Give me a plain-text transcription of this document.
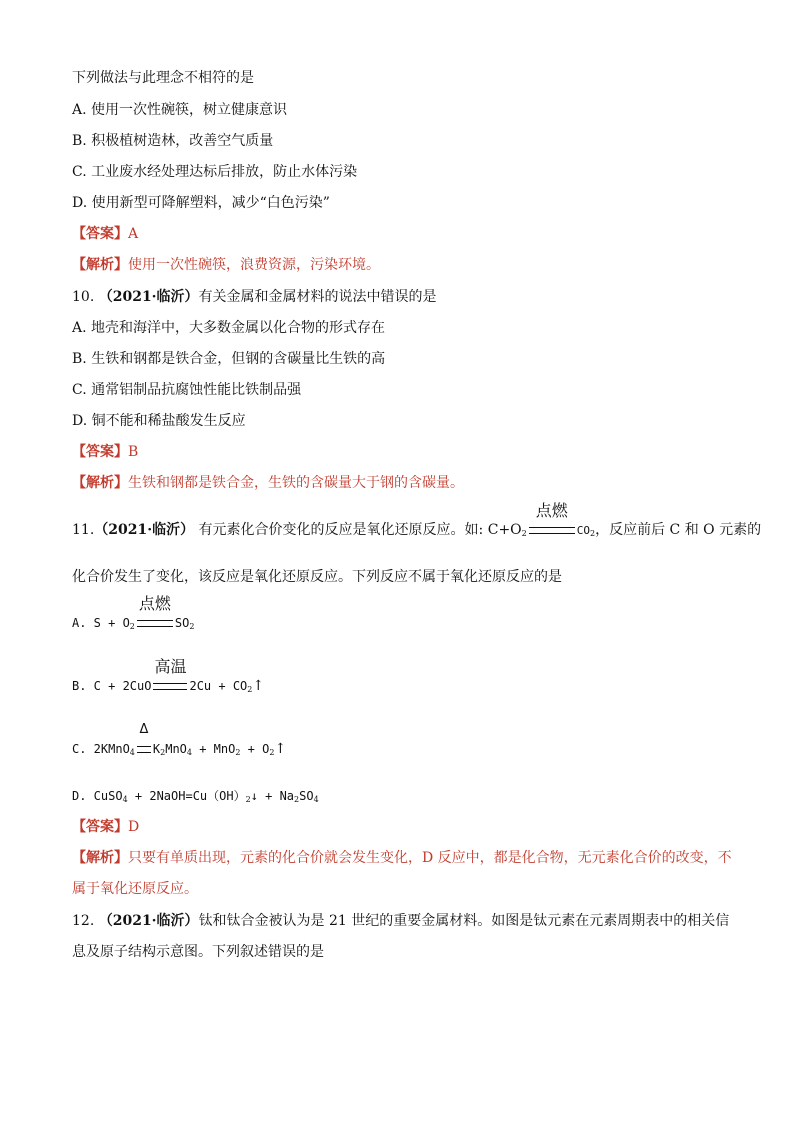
下列做法与此理念不相符的是
A. 使用一次性碗筷，树立健康意识
B. 积极植树造林，改善空气质量
C. 工业废水经处理达标后排放，防止水体污染
D. 使用新型可降解塑料，减少“白色污染”
【答案】A
【解析】使用一次性碗筷，浪费资源，污染环境。
10. （2021·临沂）有关金属和金属材料的说法中错误的是
A. 地壳和海洋中，大多数金属以化合物的形式存在
B. 生铁和钢都是铁合金，但钢的含碳量比生铁的高
C. 通常铝制品抗腐蚀性能比铁制品强
D. 铜不能和稀盐酸发生反应
【答案】B
【解析】生铁和钢都是铁合金，生铁的含碳量大于钢的含碳量。
11.（2021·临沂） 有元素化合价变化的反应是氧化还原反应。如: $C+O_2$
点燃
$CO_2$，反应前后 C 和 O 元素的
化合价发生了变化，该反应是氧化还原反应。下列反应不属于氧化还原反应的是
A. $S + O_2$
点燃
$SO_2$
B. C + 2CuO
高温
$2Cu + CO_2↑$
C. 2KMnO$_4$
Δ
$K_2MnO_4 + MnO_2$ + $O_2↑$
D. CuSO$_4$ + $2NaOH=Cu(OH)_2↓ + Na_2SO_4$
【答案】D
【解析】只要有单质出现，元素的化合价就会发生变化，D 反应中，都是化合物，无元素化合价的改变，不
属于氧化还原反应。
12. （2021·临沂）钛和钛合金被认为是 21 世纪的重要金属材料。如图是钛元素在元素周期表中的相关信
息及原子结构示意图。下列叙述错误的是
